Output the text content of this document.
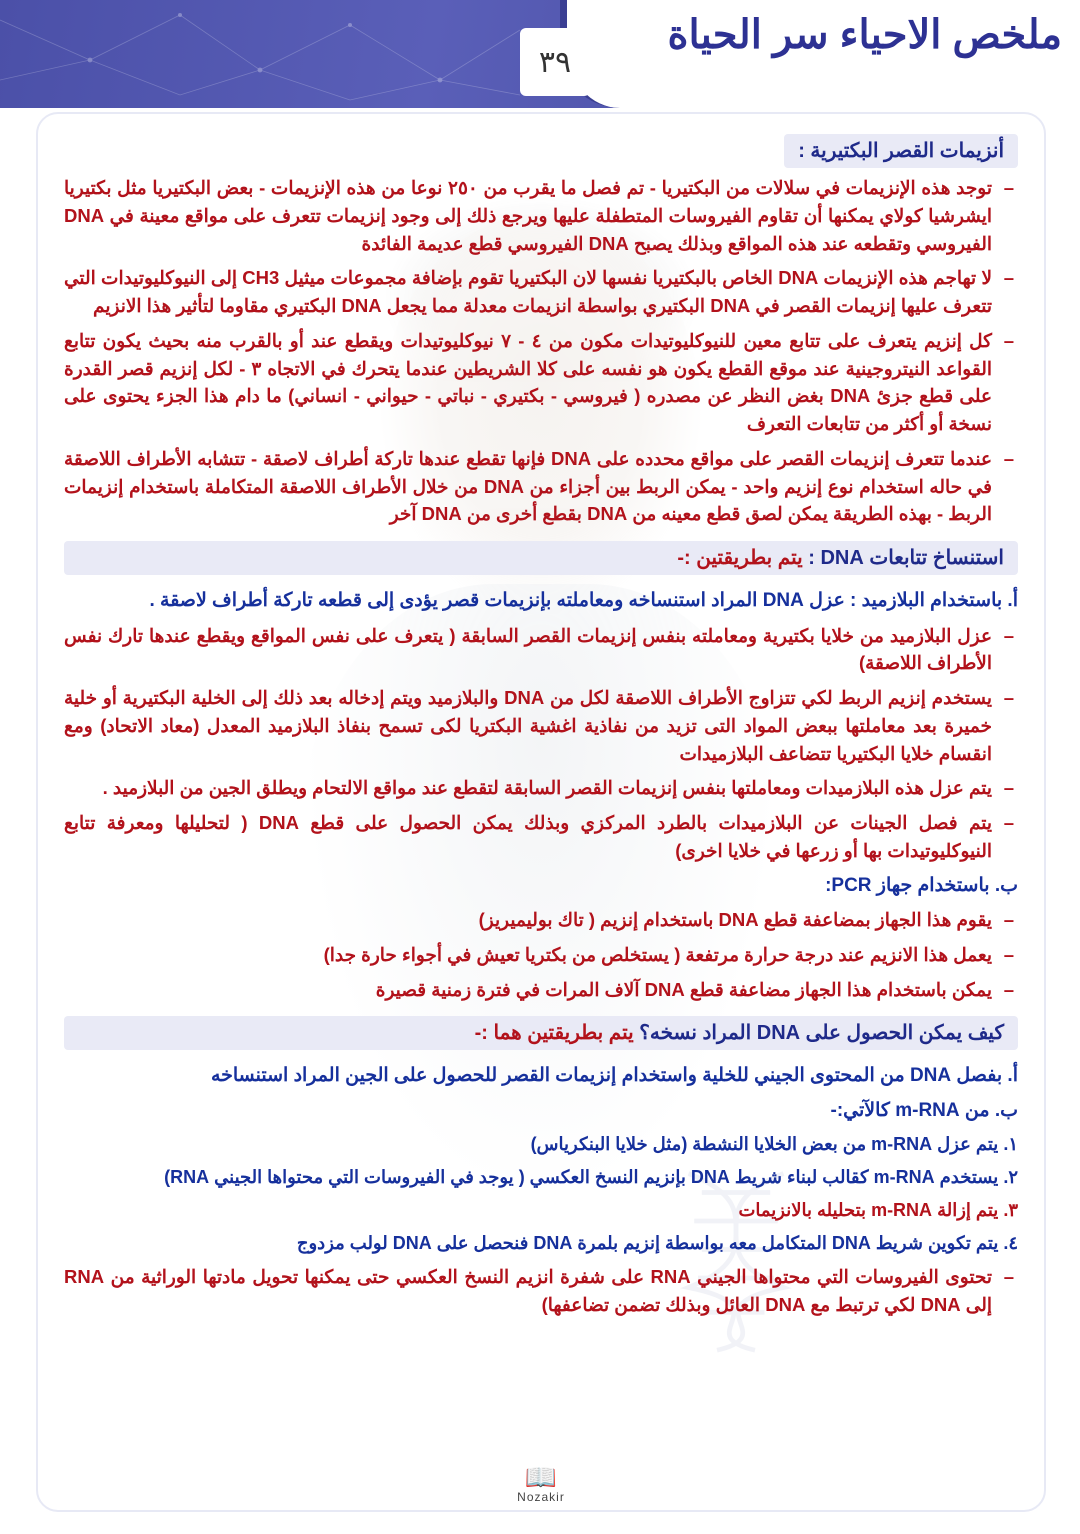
ملخص الاحياء سر الحياة
٣٩
أنزيمات القصر البكتيرية :
– توجد هذه الإنزيمات في سلالات من البكتيريا - تم فصل ما يقرب من ٢٥٠ نوعا من هذه الإنزيمات - بعض البكتيريا مثل بكتيريا ايشرشيا كولاي يمكنها أن تقاوم الفيروسات المتطفلة عليها ويرجع ذلك إلى وجود إنزيمات تتعرف على مواقع معينة في DNA الفيروسي وتقطعه عند هذه المواقع وبذلك يصبح DNA الفيروسي قطع عديمة الفائدة
– لا تهاجم هذه الإنزيمات DNA الخاص بالبكتيريا نفسها لان البكتيريا تقوم بإضافة مجموعات ميثيل CH3 إلى النيوكليوتيدات التي تتعرف عليها إنزيمات القصر في DNA البكتيري بواسطة انزيمات معدلة مما يجعل DNA البكتيري مقاوما لتأثير هذا الانزيم
– كل إنزيم يتعرف على تتابع معين للنيوكليوتيدات مكون من ٤ - ٧ نيوكليوتيدات ويقطع عند أو بالقرب منه بحيث يكون تتابع القواعد النيتروجينية عند موقع القطع يكون هو نفسه على كلا الشريطين عندما يتحرك في الاتجاه ٣ - لكل إنزيم قصر القدرة على قطع جزئ DNA بغض النظر عن مصدره ( فيروسي - بكتيري - نباتي - حيواني - انساني) ما دام هذا الجزء يحتوى على نسخة أو أكثر من تتابعات التعرف
– عندما تتعرف إنزيمات القصر على مواقع محدده على DNA فإنها تقطع عندها تاركة أطراف لاصقة - تتشابه الأطراف اللاصقة في حاله استخدام نوع إنزيم واحد - يمكن الربط بين أجزاء من DNA من خلال الأطراف اللاصقة المتكاملة باستخدام إنزيمات الربط - بهذه الطريقة يمكن لصق قطع معينه من DNA بقطع أخرى من DNA آخر
استنساخ تتابعات DNA : يتم بطريقتين :-
أ. باستخدام البلازميد : عزل DNA المراد استنساخه ومعاملته بإنزيمات قصر يؤدى إلى قطعه تاركة أطراف لاصقة .
– عزل البلازميد من خلايا بكتيرية ومعاملته بنفس إنزيمات القصر السابقة ( يتعرف على نفس المواقع ويقطع عندها تارك نفس الأطراف اللاصقة)
– يستخدم إنزيم الربط لكي تتزاوج الأطراف اللاصقة لكل من DNA والبلازميد ويتم إدخاله بعد ذلك إلى الخلية البكتيرية أو خلية خميرة بعد معاملتها ببعض المواد التى تزيد من نفاذية اغشية البكتريا لكى تسمح بنفاذ البلازميد المعدل (معاد الاتحاد) ومع انقسام خلايا البكتيريا تتضاعف البلازميدات
– يتم عزل هذه البلازميدات ومعاملتها بنفس إنزيمات القصر السابقة لتقطع عند مواقع الالتحام ويطلق الجين من البلازميد .
– يتم فصل الجينات عن البلازميدات بالطرد المركزي وبذلك يمكن الحصول على قطع DNA ( لتحليلها ومعرفة تتابع النيوكليوتيدات بها أو زرعها في خلايا اخرى)
ب. باستخدام جهاز PCR:
– يقوم هذا الجهاز بمضاعفة قطع DNA باستخدام إنزيم ( تاك بوليميريز)
– يعمل هذا الانزيم عند درجة حرارة مرتفعة ( يستخلص من بكتريا تعيش في أجواء حارة جدا)
– يمكن باستخدام هذا الجهاز مضاعفة قطع DNA آلاف المرات في فترة زمنية قصيرة
كيف يمكن الحصول على DNA المراد نسخه؟ يتم بطريقتين هما :-
أ. بفصل DNA من المحتوى الجيني للخلية واستخدام إنزيمات القصر للحصول على الجين المراد استنساخه
ب. من m-RNA كالآتي:-
١. يتم عزل m-RNA من بعض الخلايا النشطة (مثل خلايا البنكرياس)
٢. يستخدم m-RNA كقالب لبناء شريط DNA بإنزيم النسخ العكسي ( يوجد في الفيروسات التي محتواها الجيني RNA)
٣. يتم إزالة m-RNA بتحليله بالانزيمات
٤. يتم تكوين شريط DNA المتكامل معه بواسطة إنزيم بلمرة DNA فنحصل على DNA لولب مزدوج
– تحتوى الفيروسات التي محتواها الجيني RNA على شفرة انزيم النسخ العكسي حتى يمكنها تحويل مادتها الوراثية من RNA إلى DNA لكي ترتبط مع DNA العائل وبذلك تضمن تضاعفها)
📖
Nozakir
